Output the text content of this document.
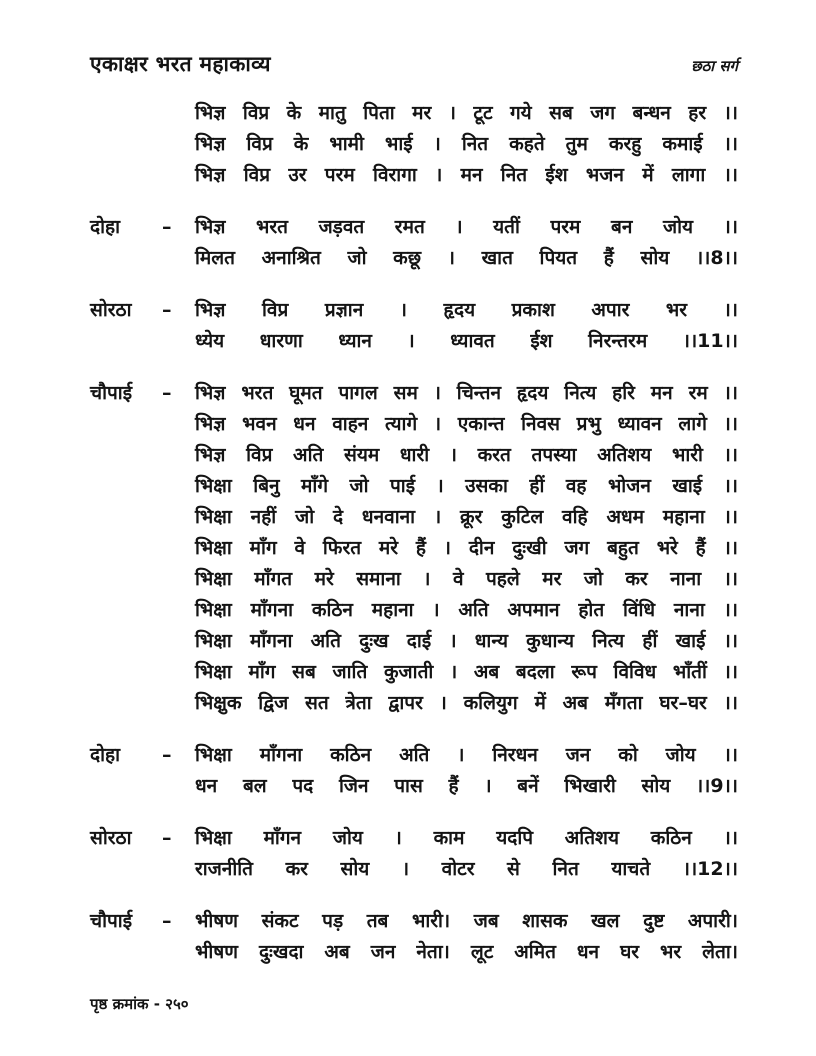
एकाक्षर भरत महाकाव्य	छठा सर्ग

भिज्ञ विप्र के मातु पिता मर । टूट गये सब जग बन्धन हर ।।

भिज्ञ विप्र के भामी भाई । नित कहते तुम करहु कमाई ।।

भिज्ञ विप्र उर परम विरागा । मन नित ईश भजन में लागा ।।

दोहा	–	भिज्ञ भरत जड़वत रमत । यतीं परम बन जोय ।।

मिलत अनाश्रित जो कछू । खात पियत हैं सोय ।।8।।

सोरठा	–	भिज्ञ विप्र प्रज्ञान । हृदय प्रकाश अपार भर ।।

ध्येय धारणा ध्यान । ध्यावत ईश निरन्तरम ।।11।।

चौपाई	–	भिज्ञ भरत घूमत पागल सम । चिन्तन हृदय नित्य हरि मन रम ।।

भिज्ञ भवन धन वाहन त्यागे । एकान्त निवस प्रभु ध्यावन लागे ।।

भिज्ञ विप्र अति संयम धारी । करत तपस्या अतिशय भारी ।।

भिक्षा बिनु माँगे जो पाई । उसका हीं वह भोजन खाई ।।

भिक्षा नहीं जो दे धनवाना । क्रूर कुटिल वहि अधम महाना ।।

भिक्षा माँग वे फिरत मरे हैं । दीन दुःखी जग बहुत भरे हैं ।।

भिक्षा माँगत मरे समाना । वे पहले मर जो कर नाना ।।

भिक्षा माँगना कठिन महाना । अति अपमान होत विंधि नाना ।।

भिक्षा माँगना अति दुःख दाई । धान्य कुधान्य नित्य हीं खाई ।।

भिक्षा माँग सब जाति कुजाती । अब बदला रूप विविध भाँतीं ।।

भिक्षुक द्विज सत त्रेता द्वापर । कलियुग में अब मँगता घर–घर ।।

दोहा	–	भिक्षा माँगना कठिन अति । निरधन जन को जोय ।।

धन बल पद जिन पास हैं । बनें भिखारी सोय ।।9।।

सोरठा	–	भिक्षा माँगन जोय । काम यदपि अतिशय कठिन ।।

राजनीति कर सोय । वोटर से नित याचते ।।12।।

चौपाई	–	भीषण संकट पड़ तब भारी। जब शासक खल दुष्ट अपारी।

भीषण दुःखदा अब जन नेता। लूट अमित धन घर भर लेता।

पृष्ठ क्रमांक - २५०
